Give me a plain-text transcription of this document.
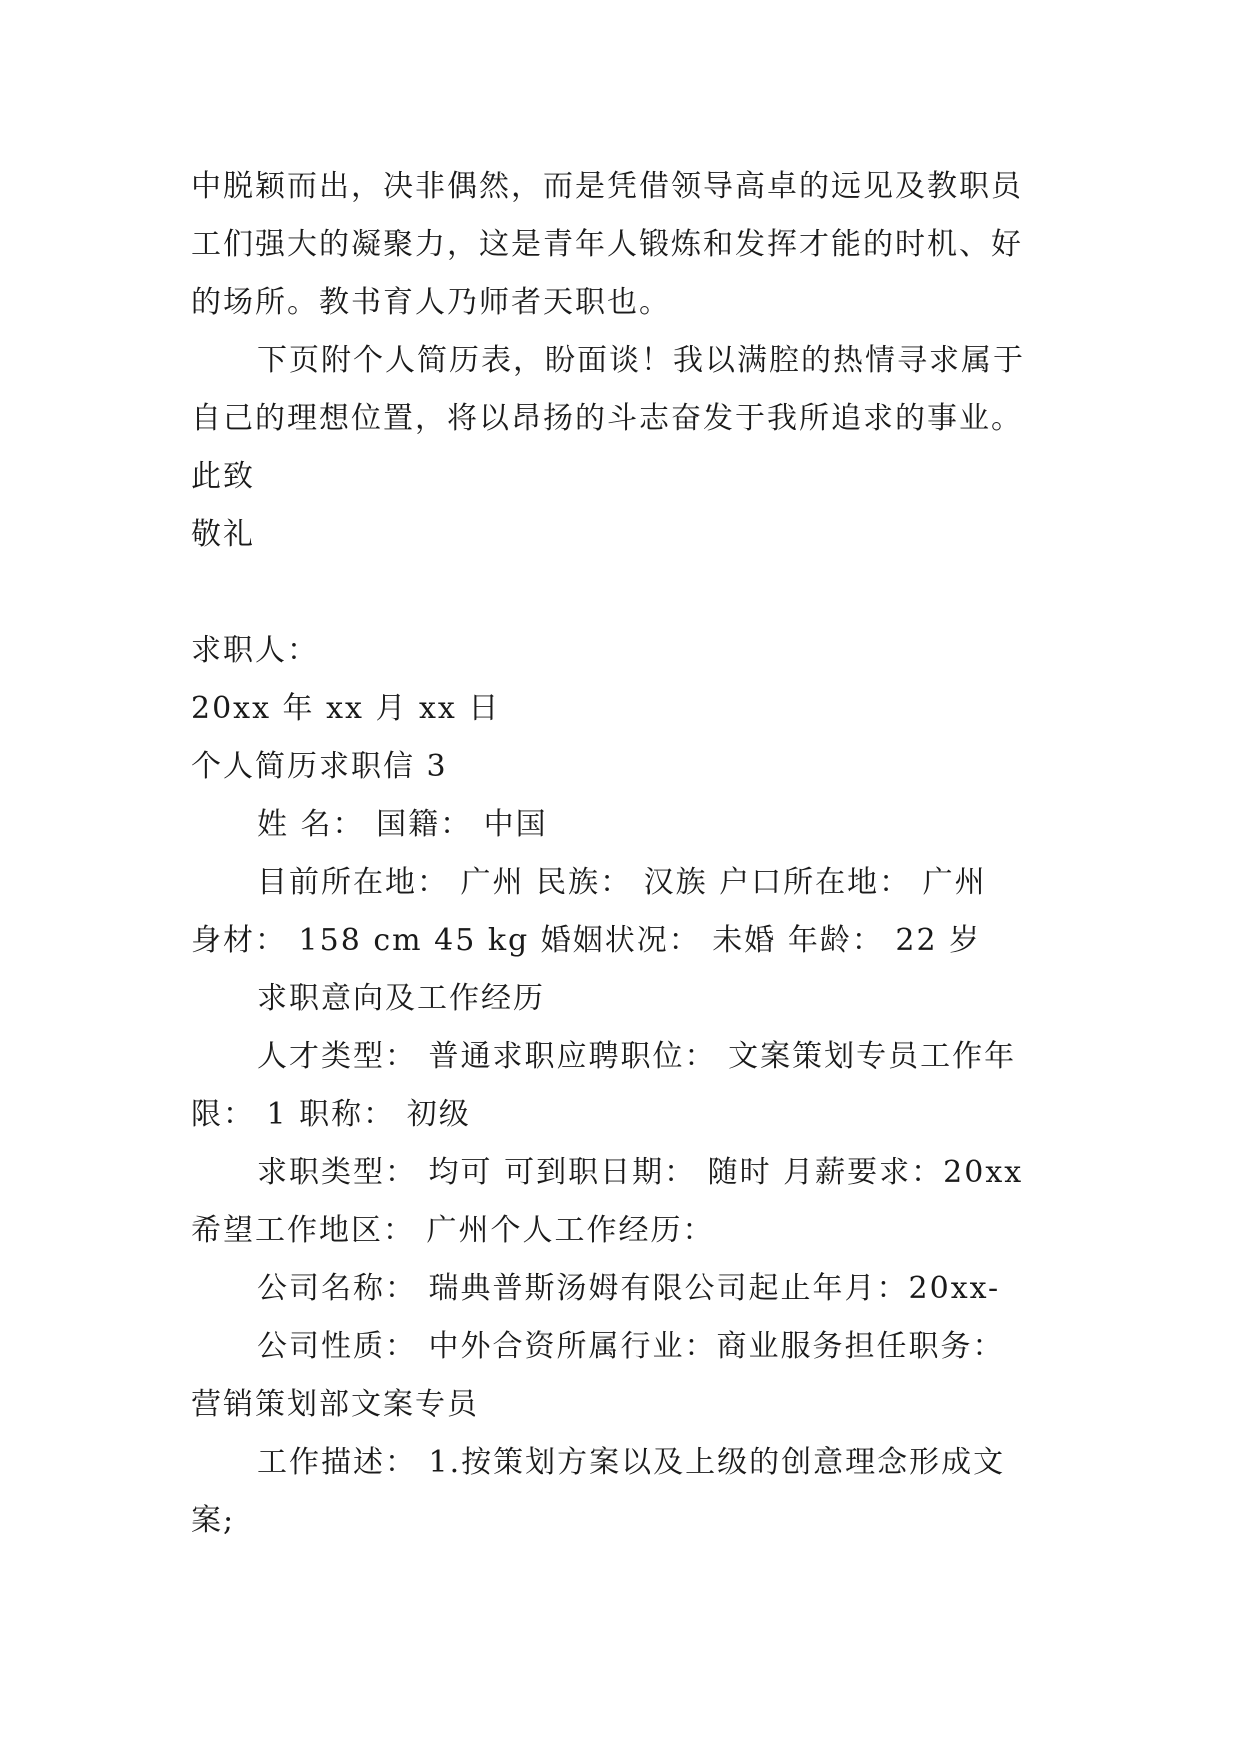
中脱颖而出，决非偶然，而是凭借领导高卓的远见及教职员
工们强大的凝聚力，这是青年人锻炼和发挥才能的时机、好
的场所。教书育人乃师者天职也。
下页附个人简历表，盼面谈！我以满腔的热情寻求属于
自己的理想位置，将以昂扬的斗志奋发于我所追求的事业。
此致
敬礼
求职人：
20xx 年 xx 月 xx 日
个人简历求职信 3
姓 名： 国籍： 中国
目前所在地： 广州 民族： 汉族 户口所在地： 广州
身材： 158 cm 45 kg 婚姻状况： 未婚 年龄： 22 岁
求职意向及工作经历
人才类型： 普通求职应聘职位： 文案策划专员工作年
限： 1 职称： 初级
求职类型： 均可 可到职日期： 随时 月薪要求：20xx
希望工作地区： 广州个人工作经历：
公司名称： 瑞典普斯汤姆有限公司起止年月：20xx-
公司性质： 中外合资所属行业：商业服务担任职务：
营销策划部文案专员
工作描述： 1.按策划方案以及上级的创意理念形成文
案;
